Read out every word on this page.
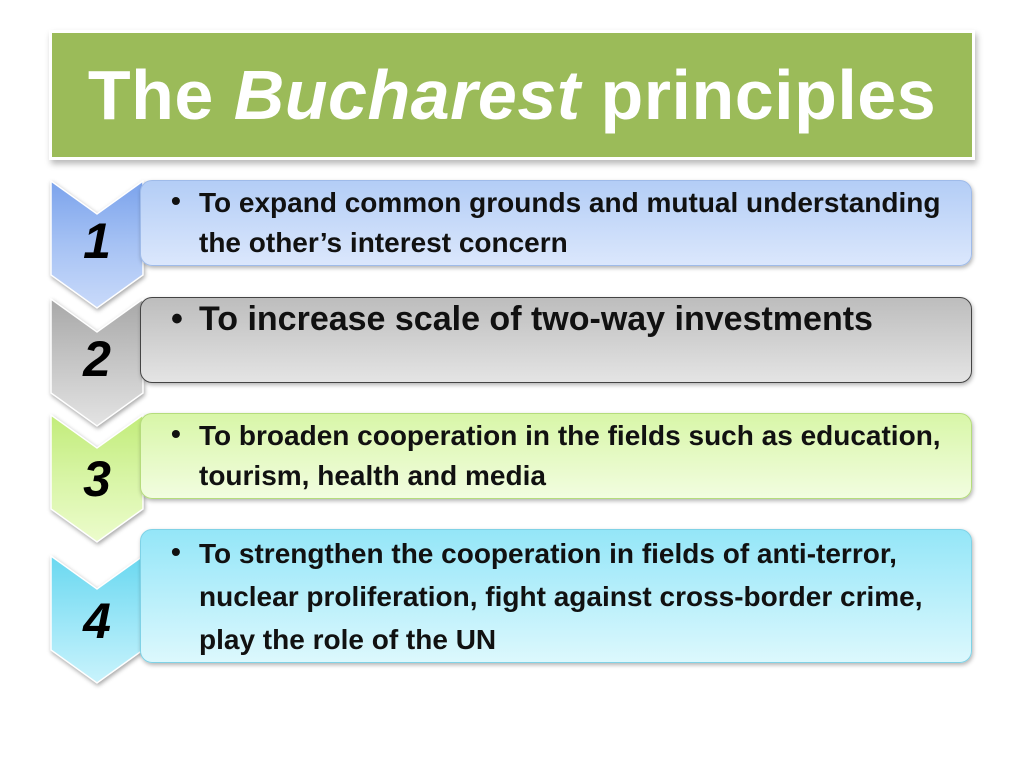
The Bucharest principles
• To expand common grounds and mutual understanding the other’s interest concern
1
• To increase scale of two-way investments
2
• To broaden cooperation in the fields such as education, tourism, health and media
3
• To strengthen the cooperation in fields of anti-terror, nuclear proliferation, fight against cross-border crime, play the role of the UN
4
